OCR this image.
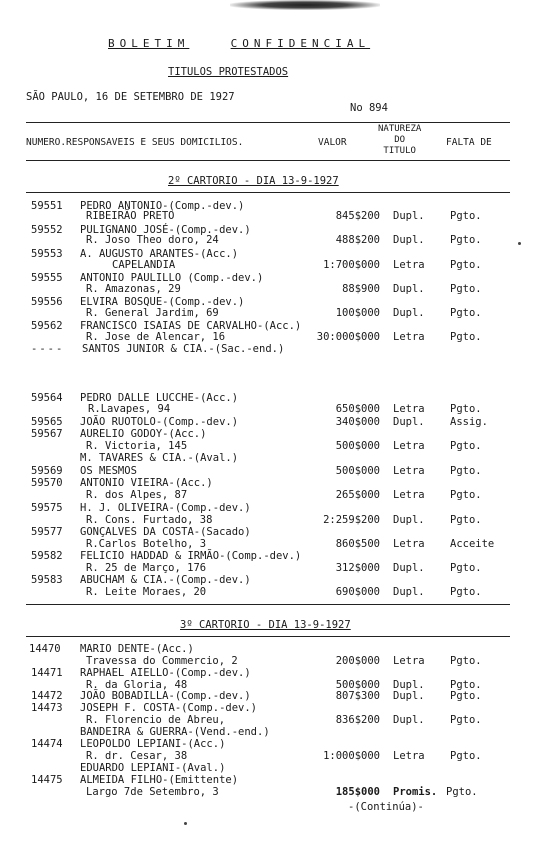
BOLETIM	CONFIDENCIAL
TITULOS PROTESTADOS
SÃO PAULO, 16 DE SETEMBRO DE 1927
No 894
NUMERO.RESPONSAVEIS E SEUS DOMICILIOS.	VALOR
NATUREZA
DO
TITULO
FALTA DE
2º CARTORIO - DIA 13-9-1927
59551 PEDRO ANTONIO-(Comp.-dev.)
RIBEIRÃO PRETO	845$200 Dupl. Pgto.
59552 PULIGNANO JOSÉ-(Comp.-dev.)
R. Joso Theo doro, 24	488$200 Dupl. Pgto.
59553 A. AUGUSTO ARANTES-(Acc.)
CAPELANDIA	1:700$000 Letra Pgto.
59555 ANTONIO PAULILLO (Comp.-dev.)
R. Amazonas, 29	88$900 Dupl. Pgto.
59556 ELVIRA BOSQUE-(Comp.-dev.)
R. General Jardim, 69	100$000 Dupl. Pgto.
59562 FRANCISCO ISAIAS DE CARVALHO-(Acc.)
R. Jose de Alencar, 16	30:000$000 Letra Pgto.
‐‐‐‐ SANTOS JUNIOR & CIA.-(Sac.-end.)
59564 PEDRO DALLE LUCCHE-(Acc.)
R.Lavapes, 94	650$000 Letra Pgto.
59565 JOÃO RUOTOLO-(Comp.-dev.)	340$000 Dupl. Assig.
59567 AURELIO GODOY-(Acc.)
R. Victoria, 145	500$000 Letra Pgto.
M. TAVARES & CIA.-(Aval.)
59569 OS MESMOS	500$000 Letra Pgto.
59570 ANTONIO VIEIRA-(Acc.)
R. dos Alpes, 87	265$000 Letra Pgto.
59575 H. J. OLIVEIRA-(Comp.-dev.)
R. Cons. Furtado, 38	2:259$200 Dupl. Pgto.
59577 GONÇALVES DA COSTA-(Sacado)
R.Carlos Botelho, 3	860$500 Letra Acceite
59582 FELICIO HADDAD & IRMÃO-(Comp.-dev.)
R. 25 de Março, 176	312$000 Dupl. Pgto.
59583 ABUCHAM & CIA.-(Comp.-dev.)
R. Leite Moraes, 20	690$000 Dupl. Pgto.
3º CARTORIO - DIA 13-9-1927
14470 MARIO DENTE-(Acc.)
Travessa do Commercio, 2	200$000 Letra Pgto.
14471 RAPHAEL AIELLO-(Comp.-dev.)
R. da Gloria, 48	500$000 Dupl. Pgto.
14472 JOÃO BOBADILLA-(Comp.-dev.)	807$300 Dupl. Pgto.
14473 JOSEPH F. COSTA-(Comp.-dev.)
R. Florencio de Abreu,	836$200 Dupl. Pgto.
BANDEIRA & GUERRA-(Vend.-end.)
14474 LEOPOLDO LEPIANI-(Acc.)
R. dr. Cesar, 38	1:000$000 Letra Pgto.
EDUARDO LEPIANI-(Aval.)
14475 ALMEIDA FILHO-(Emittente)
Largo 7de Setembro, 3	185$000 Promis. Pgto.
-(Continúa)-
